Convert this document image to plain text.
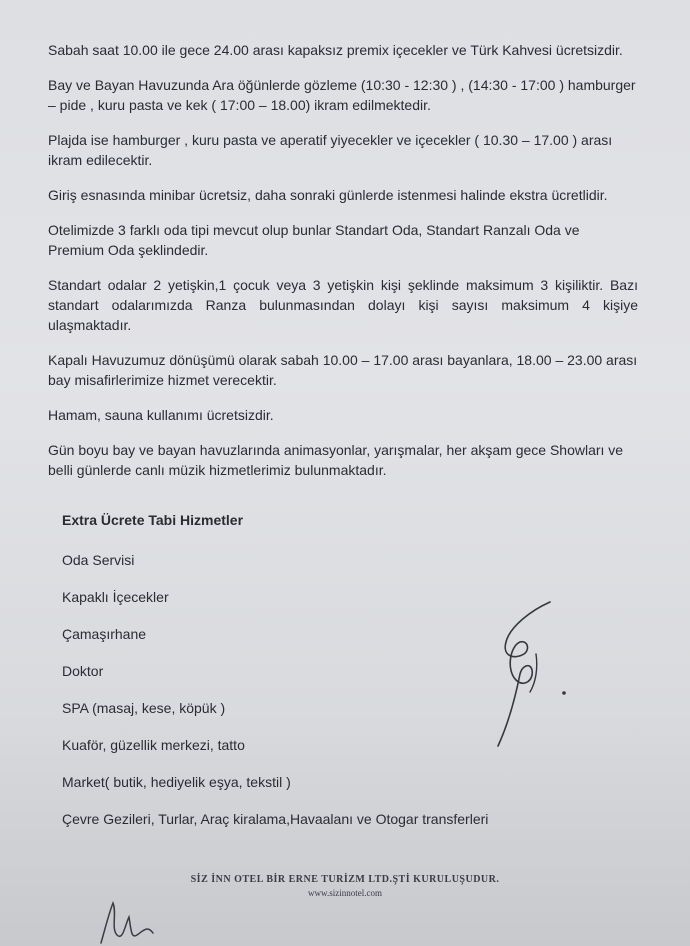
Sabah saat 10.00 ile gece 24.00 arası kapaksız premix içecekler ve Türk Kahvesi ücretsizdir.

Bay ve Bayan Havuzunda Ara öğünlerde gözleme (10:30 - 12:30 ) , (14:30 - 17:00 ) hamburger – pide , kuru pasta ve kek ( 17:00 – 18.00) ikram edilmektedir.

Plajda ise hamburger , kuru pasta ve aperatif yiyecekler ve içecekler ( 10.30 – 17.00 ) arası ikram edilecektir.

Giriş esnasında minibar ücretsiz, daha sonraki günlerde istenmesi halinde ekstra ücretlidir.

Otelimizde 3 farklı oda tipi mevcut olup bunlar Standart Oda, Standart Ranzalı Oda ve Premium Oda şeklindedir.

Standart odalar 2 yetişkin,1 çocuk veya 3 yetişkin kişi şeklinde maksimum 3 kişiliktir. Bazı standart odalarımızda Ranza bulunmasından dolayı kişi sayısı maksimum 4 kişiye ulaşmaktadır.

Kapalı Havuzumuz dönüşümü olarak sabah 10.00 – 17.00 arası bayanlara, 18.00 – 23.00 arası bay misafirlerimize hizmet verecektir.

Hamam, sauna kullanımı ücretsizdir.

Gün boyu bay ve bayan havuzlarında animasyonlar, yarışmalar, her akşam gece Showları ve belli günlerde canlı müzik hizmetlerimiz bulunmaktadır.

Extra Ücrete Tabi Hizmetler
Oda Servisi
Kapaklı İçecekler
Çamaşırhane
Doktor
SPA (masaj, kese, köpük )
Kuaför, güzellik merkezi, tatto
Market( butik, hediyelik eşya, tekstil )
Çevre Gezileri, Turlar, Araç kiralama,Havaalanı ve Otogar transferleri
SİZ İNN OTEL BİR ERNE TURİZM LTD.ŞTİ KURULUŞUDUR.
www.sizinnotel.com
